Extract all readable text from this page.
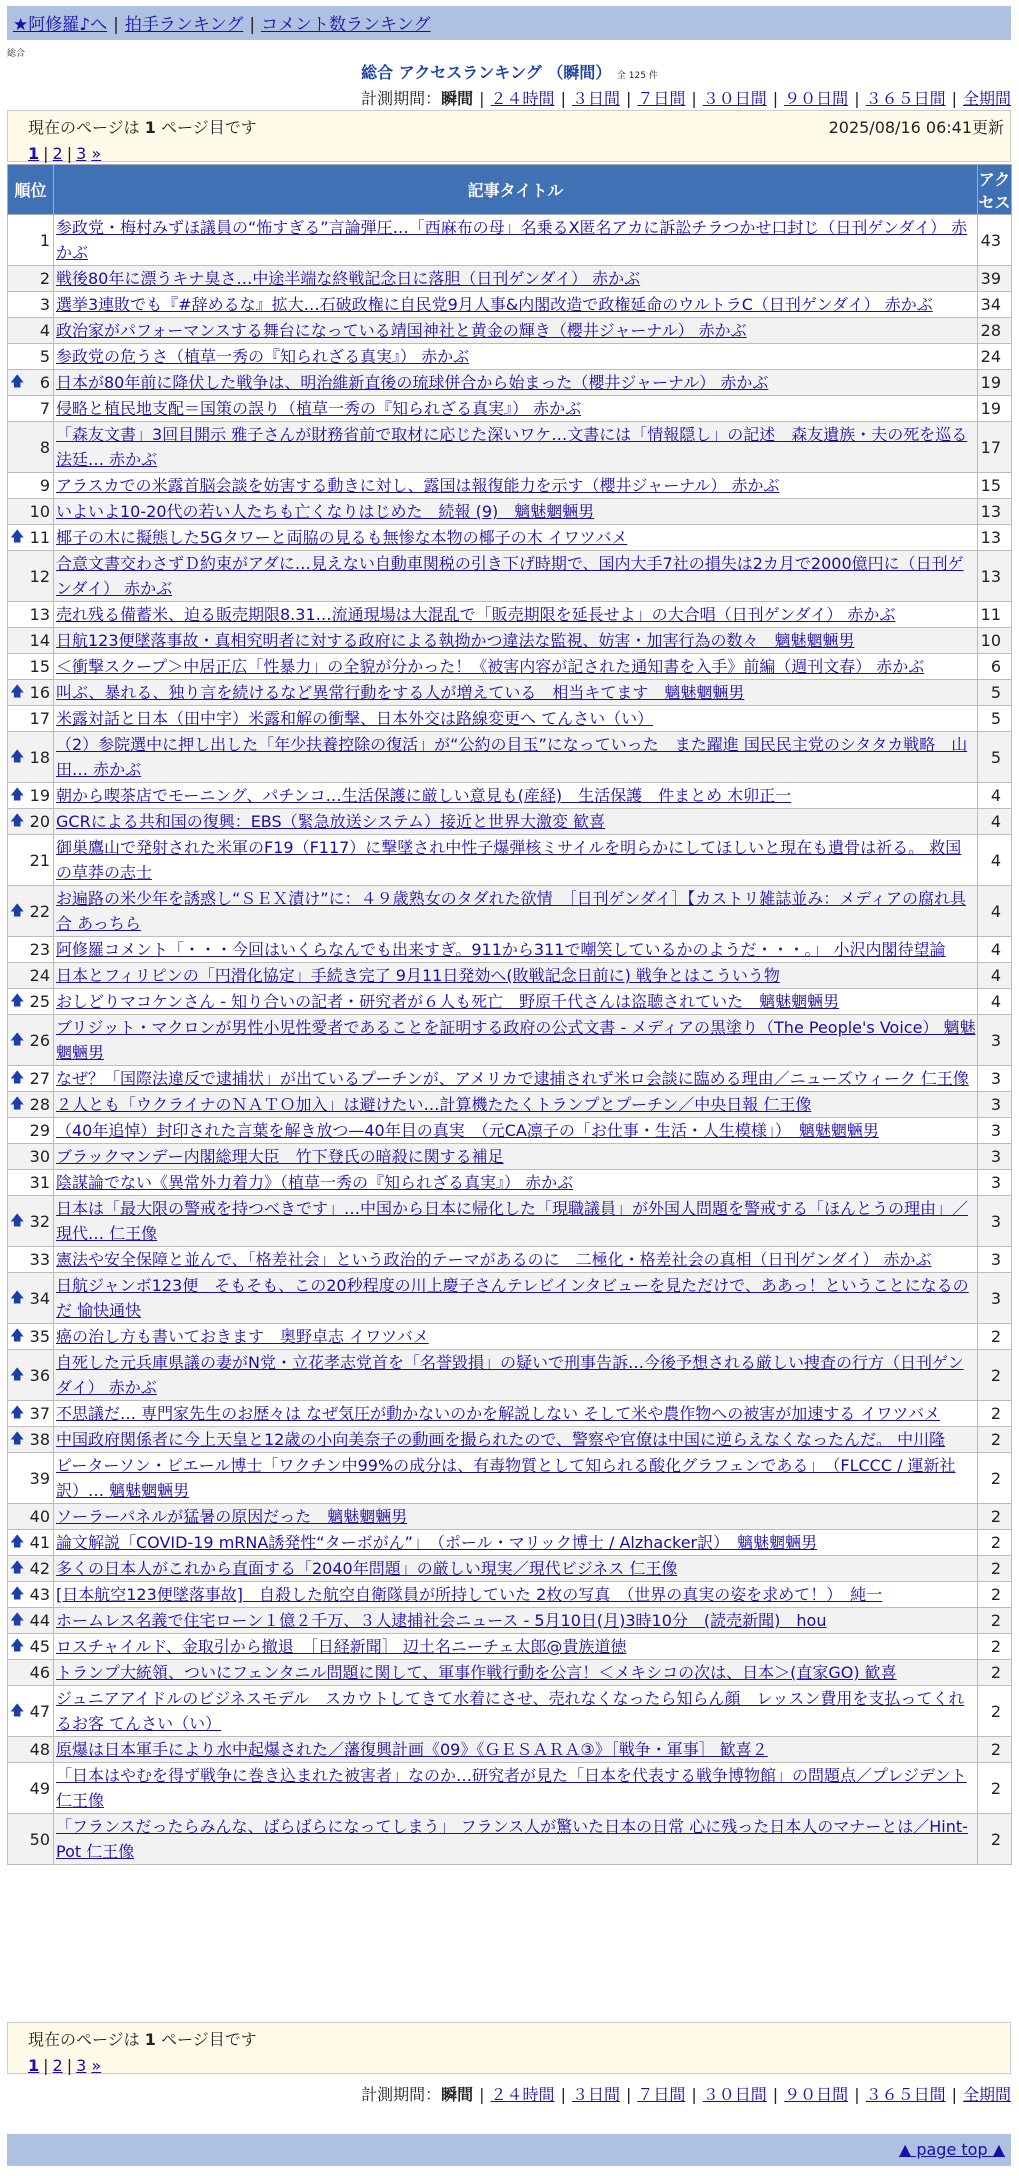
★阿修羅♪へ | 拍手ランキング | コメント数ランキング
総合
総合 アクセスランキング （瞬間） 全 125 件
計測期間：瞬間 | ２４時間 | ３日間 | ７日間 | ３０日間 | ９０日間 | ３６５日間 | 全期間
現在のページは 1 ページ目です	2025/08/16 06:41更新
1 | 2 | 3 »
順位	記事タイトル	アクセス
1	参政党・梅村みずほ議員の“怖すぎる”言論弾圧…「西麻布の母」名乗るX匿名アカに訴訟チラつかせ口封じ（日刊ゲンダイ） 赤かぶ	43
2	戦後80年に漂うキナ臭さ…中途半端な終戦記念日に落胆（日刊ゲンダイ） 赤かぶ	39
3	選挙3連敗でも『#辞めるな』拡大…石破政権に自民党9月人事&内閣改造で政権延命のウルトラC（日刊ゲンダイ） 赤かぶ	34
4	政治家がパフォーマンスする舞台になっている靖国神社と黄金の輝き（櫻井ジャーナル） 赤かぶ	28
5	参政党の危うさ（植草一秀の『知られざる真実』） 赤かぶ	24

🡅 6	日本が80年前に降伏した戦争は、明治維新直後の琉球併合から始まった（櫻井ジャーナル） 赤かぶ	19
7	侵略と植民地支配＝国策の誤り（植草一秀の『知られざる真実』） 赤かぶ	19
8	「森友文書」3回目開示 雅子さんが財務省前で取材に応じた深いワケ…文書には「情報隠し」の記述　森友遺族・夫の死を巡る法廷… 赤かぶ	17
9	アラスカでの米露首脳会談を妨害する動きに対し、露国は報復能力を示す（櫻井ジャーナル） 赤かぶ	15
10	いよいよ10-20代の若い人たちも亡くなりはじめた　続報 (9)　魑魅魍魎男	13

🡅 11	椰子の木に擬態した5Gタワーと両脇の見るも無惨な本物の椰子の木 イワツバメ	13
12	合意文書交わさずＤ約束がアダに…見えない自動車関税の引き下げ時期で、国内大手7社の損失は2カ月で2000億円に（日刊ゲンダイ） 赤かぶ	13
13	売れ残る備蓄米、迫る販売期限8.31…流通現場は大混乱で「販売期限を延長せよ」の大合唱（日刊ゲンダイ） 赤かぶ	11
14	日航123便墜落事故・真相究明者に対する政府による執拗かつ違法な監視、妨害・加害行為の数々　魑魅魍魎男	10
15	＜衝撃スクープ＞中居正広「性暴力」の全貌が分かった！《被害内容が記された通知書を入手》前編（週刊文春） 赤かぶ	6

🡅 16	叫ぶ、暴れる、独り言を続けるなど異常行動をする人が増えている　相当キてます　魑魅魍魎男	5
17	米露対話と日本（田中宇）米露和解の衝撃、日本外交は路線変更へ てんさい（い）	5

🡅 18	（2）参院選中に押し出した「年少扶養控除の復活」が“公約の目玉”になっていった　また躍進 国民民主党のシタタカ戦略　山田… 赤かぶ	5

🡅 19	朝から喫茶店でモーニング、パチンコ…生活保護に厳しい意見も(産経)　生活保護　件まとめ 木卯正一	4

🡅 20	GCRによる共和国の復興：EBS（緊急放送システム）接近と世界大激変 歓喜	4
21	御巣鷹山で発射された米軍のF19（F117）に撃墜され中性子爆弾核ミサイルを明らかにしてほしいと現在も遺骨は祈る。 救国の草莽の志士	4

🡅 22	お遍路の米少年を誘惑し“ＳＥＸ漬け”に：４９歳熟女のタダれた欲情　［日刊ゲンダイ］【カストリ雑誌並み：メディアの腐れ具合 あっちら	4
23	阿修羅コメント「・・・今回はいくらなんでも出来すぎ。911から311で嘲笑しているかのようだ・・・。」 小沢内閣待望論	4
24	日本とフィリピンの「円滑化協定」手続き完了 9月11日発効へ(敗戦記念日前に) 戦争とはこういう物	4

🡅 25	おしどりマコケンさん - 知り合いの記者・研究者が６人も死亡　野原千代さんは盗聴されていた　魑魅魍魎男	4

🡅 26	ブリジット・マクロンが男性小児性愛者であることを証明する政府の公式文書 - メディアの黒塗り（The People's Voice） 魑魅魍魎男	3

🡅 27	なぜ？「国際法違反で逮捕状」が出ているプーチンが、アメリカで逮捕されず米ロ会談に臨める理由／ニューズウィーク 仁王像	3

🡅 28	２人とも「ウクライナのＮＡＴＯ加入」は避けたい…計算機たたくトランプとプーチン／中央日報 仁王像	3
29	（40年追悼）封印された言葉を解き放つ—40年目の真実　（元CA凛子の「お仕事・生活・人生模様」）　魑魅魍魎男	3
30	ブラックマンデー内閣総理大臣　竹下登氏の暗殺に関する補足	3
31	陰謀論でない《異常外力着力》（植草一秀の『知られざる真実』） 赤かぶ	3

🡅 32	日本は「最大限の警戒を持つべきです」…中国から日本に帰化した「現職議員」が外国人問題を警戒する「ほんとうの理由」／現代… 仁王像	3
33	憲法や安全保障と並んで、「格差社会」という政治的テーマがあるのに　二極化・格差社会の真相（日刊ゲンダイ） 赤かぶ	3

🡅 34	日航ジャンボ123便　そもそも、この20秒程度の川上慶子さんテレビインタビューを見ただけで、ああっ！ということになるのだ 愉快通快	3

🡅 35	癌の治し方も書いておきます　奥野卓志 イワツバメ	2

🡅 36	自死した元兵庫県議の妻がN党・立花孝志党首を「名誉毀損」の疑いで刑事告訴…今後予想される厳しい捜査の行方（日刊ゲンダイ） 赤かぶ	2

🡅 37	不思議だ… 専門家先生のお歴々は なぜ気圧が動かないのかを解説しない そして米や農作物への被害が加速する イワツバメ	2

🡅 38	中国政府関係者に今上天皇と12歳の小向美奈子の動画を撮られたので、警察や官僚は中国に逆らえなくなったんだ。 中川隆	2
39	ピーターソン・ピエール博士「ワクチン中99%の成分は、有毒物質として知られる酸化グラフェンである」　（FLCCC / 運新社訳）… 魑魅魍魎男	2
40	ソーラーパネルが猛暑の原因だった　魑魅魍魎男	2

🡅 41	論文解説「COVID-19 mRNA誘発性“ターボがん”」　（ポール・マリック博士 / Alzhacker訳）　魑魅魍魎男	2

🡅 42	多くの日本人がこれから直面する「2040年問題」の厳しい現実／現代ビジネス 仁王像	2

🡅 43	[日本航空123便墜落事故]　自殺した航空自衛隊員が所持していた 2枚の写真　（世界の真実の姿を求めて！）　純一	2

🡅 44	ホームレス名義で住宅ローン１億２千万、３人逮捕社会ニュース - 5月10日(月)3時10分　(読売新聞)　hou	2

🡅 45	ロスチャイルド、金取引から撤退　［日経新聞］ 辺土名ニーチェ太郎@貴族道徳	2
46	トランプ大統領、ついにフェンタニル問題に関して、軍事作戦行動を公言！＜メキシコの次は、日本＞(直家GO) 歓喜	2

🡅 47	ジュニアアイドルのビジネスモデル　スカウトしてきて水着にさせ、売れなくなったら知らん顔　レッスン費用を支払ってくれるお客 てんさい（い）	2
48	原爆は日本軍手により水中起爆された／藩復興計画《09》《ＧＥＳＡＲＡ③》［戦争・軍事］ 歓喜２	2
49	「日本はやむを得ず戦争に巻き込まれた被害者」なのか…研究者が見た「日本を代表する戦争博物館」の問題点／プレジデント 仁王像	2
50	「フランスだったらみんな、ばらばらになってしまう」 フランス人が驚いた日本の日常 心に残った日本人のマナーとは／Hint-Pot 仁王像	2
現在のページは 1 ページ目です
1 | 2 | 3 »
計測期間：瞬間 | ２４時間 | ３日間 | ７日間 | ３０日間 | ９０日間 | ３６５日間 | 全期間
▲ page top ▲
